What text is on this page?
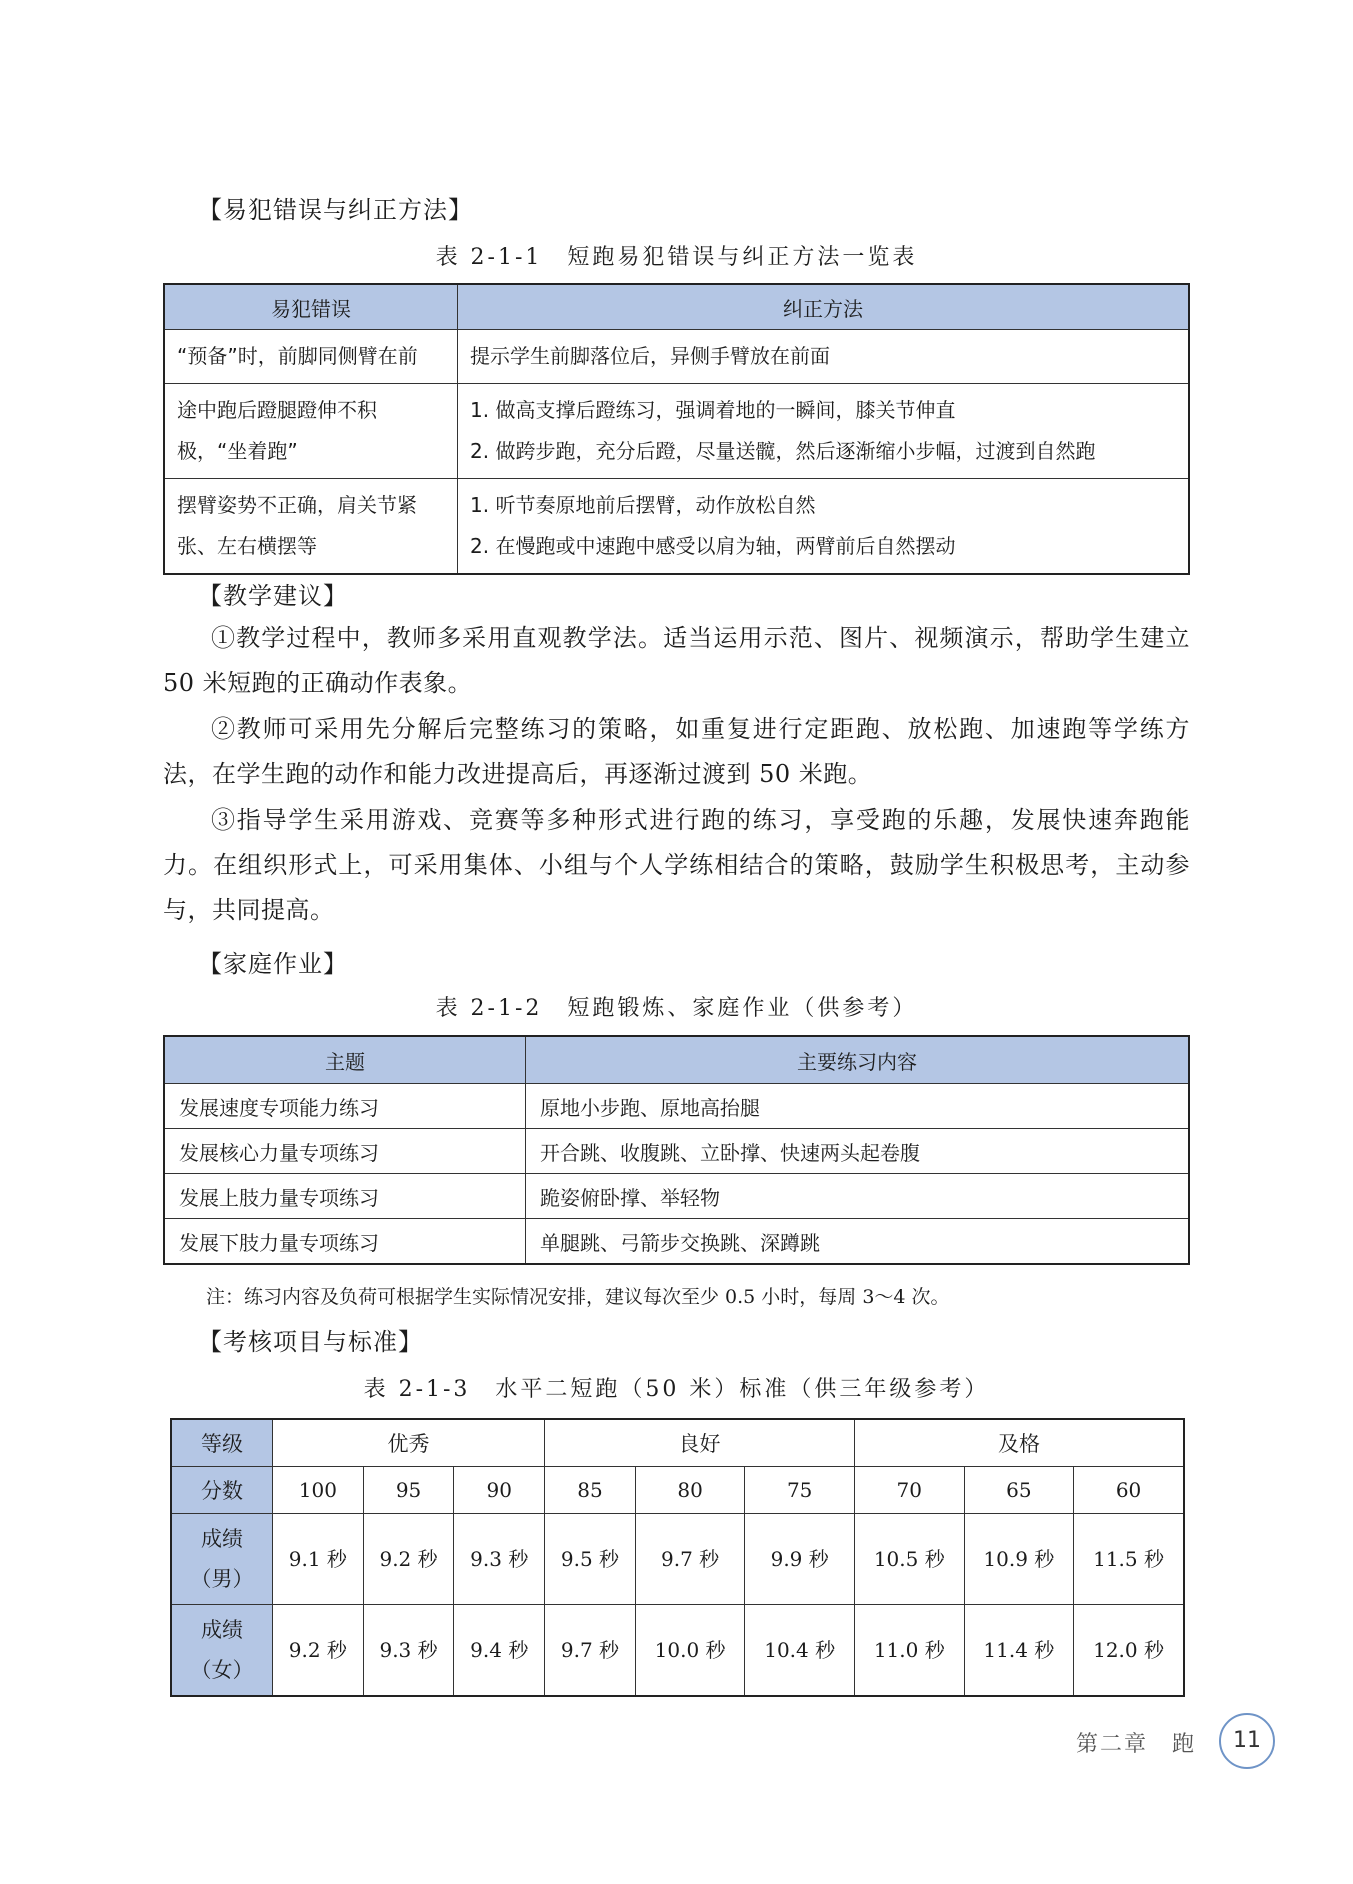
【易犯错误与纠正方法】
表 2-1-1　短跑易犯错误与纠正方法一览表
易犯错误	纠正方法
“预备”时，前脚同侧臂在前	提示学生前脚落位后，异侧手臂放在前面

途中跑后蹬腿蹬伸不积极，“坐着跑”	1. 做高支撑后蹬练习，强调着地的一瞬间，膝关节伸直
2. 做跨步跑，充分后蹬，尽量送髋，然后逐渐缩小步幅，过渡到自然跑

摆臂姿势不正确，肩关节紧张、左右横摆等	1. 听节奏原地前后摆臂，动作放松自然
2. 在慢跑或中速跑中感受以肩为轴，两臂前后自然摆动
【教学建议】
①教学过程中，教师多采用直观教学法。适当运用示范、图片、视频演示，帮助学生建立 50 米短跑的正确动作表象。
②教师可采用先分解后完整练习的策略，如重复进行定距跑、放松跑、加速跑等学练方法，在学生跑的动作和能力改进提高后，再逐渐过渡到 50 米跑。
③指导学生采用游戏、竞赛等多种形式进行跑的练习，享受跑的乐趣，发展快速奔跑能力。在组织形式上，可采用集体、小组与个人学练相结合的策略，鼓励学生积极思考，主动参与，共同提高。
【家庭作业】
表 2-1-2　短跑锻炼、家庭作业（供参考）
主题	主要练习内容
发展速度专项能力练习	原地小步跑、原地高抬腿
发展核心力量专项练习	开合跳、收腹跳、立卧撑、快速两头起卷腹
发展上肢力量专项练习	跪姿俯卧撑、举轻物
发展下肢力量专项练习	单腿跳、弓箭步交换跳、深蹲跳
注：练习内容及负荷可根据学生实际情况安排，建议每次至少 0.5 小时，每周 3～4 次。
【考核项目与标准】
表 2-1-3　水平二短跑（50 米）标准（供三年级参考）
等级	优秀			良好			及格		
分数	100	95	90	85	80	75	70	65	60

成绩
（男）	9.1 秒	9.2 秒	9.3 秒	9.5 秒	9.7 秒	9.9 秒	10.5 秒	10.9 秒	11.5 秒

成绩
（女）	9.2 秒	9.3 秒	9.4 秒	9.7 秒	10.0 秒	10.4 秒	11.0 秒	11.4 秒	12.0 秒
第二章　跑	11
